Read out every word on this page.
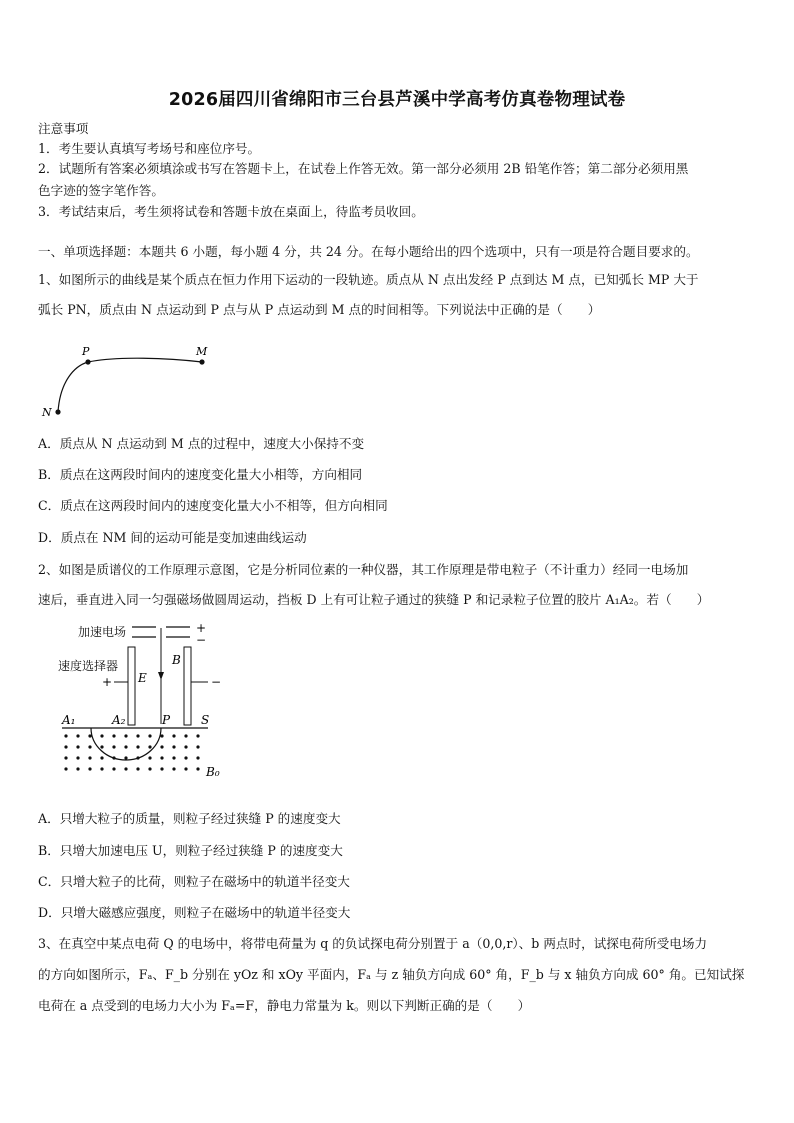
2026届四川省绵阳市三台县芦溪中学高考仿真卷物理试卷
注意事项
1．考生要认真填写考场号和座位序号。
2．试题所有答案必须填涂或书写在答题卡上，在试卷上作答无效。第一部分必须用 2B 铅笔作答；第二部分必须用黑
色字迹的签字笔作答。
3．考试结束后，考生须将试卷和答题卡放在桌面上，待监考员收回。
一、单项选择题：本题共 6 小题，每小题 4 分，共 24 分。在每小题给出的四个选项中，只有一项是符合题目要求的。
1、如图所示的曲线是某个质点在恒力作用下运动的一段轨迹。质点从 N 点出发经 P 点到达 M 点，已知弧长 MP 大于
弧长 PN，质点由 N 点运动到 P 点与从 P 点运动到 M 点的时间相等。下列说法中正确的是（　　）
P	M
N
A．质点从 N 点运动到 M 点的过程中，速度大小保持不变
B．质点在这两段时间内的速度变化量大小相等，方向相同
C．质点在这两段时间内的速度变化量大小不相等，但方向相同
D．质点在 NM 间的运动可能是变加速曲线运动
2、如图是质谱仪的工作原理示意图，它是分析同位素的一种仪器，其工作原理是带电粒子（不计重力）经同一电场加
速后，垂直进入同一匀强磁场做圆周运动，挡板 D 上有可让粒子通过的狭缝 P 和记录粒子位置的胶片 A₁A₂。若（　　）
加速电场	+
−
速度选择器
+	−
E
B
A₁	A₂	P	S
B₀
A．只增大粒子的质量，则粒子经过狭缝 P 的速度变大
B．只增大加速电压 U，则粒子经过狭缝 P 的速度变大
C．只增大粒子的比荷，则粒子在磁场中的轨道半径变大
D．只增大磁感应强度，则粒子在磁场中的轨道半径变大
3、在真空中某点电荷 Q 的电场中，将带电荷量为 q 的负试探电荷分别置于 a（0,0,r）、b 两点时，试探电荷所受电场力
的方向如图所示，Fₐ、F_b 分别在 yOz 和 xOy 平面内，Fₐ 与 z 轴负方向成 60° 角，F_b 与 x 轴负方向成 60° 角。已知试探
电荷在 a 点受到的电场力大小为 Fₐ=F，静电力常量为 k。则以下判断正确的是（　　）
